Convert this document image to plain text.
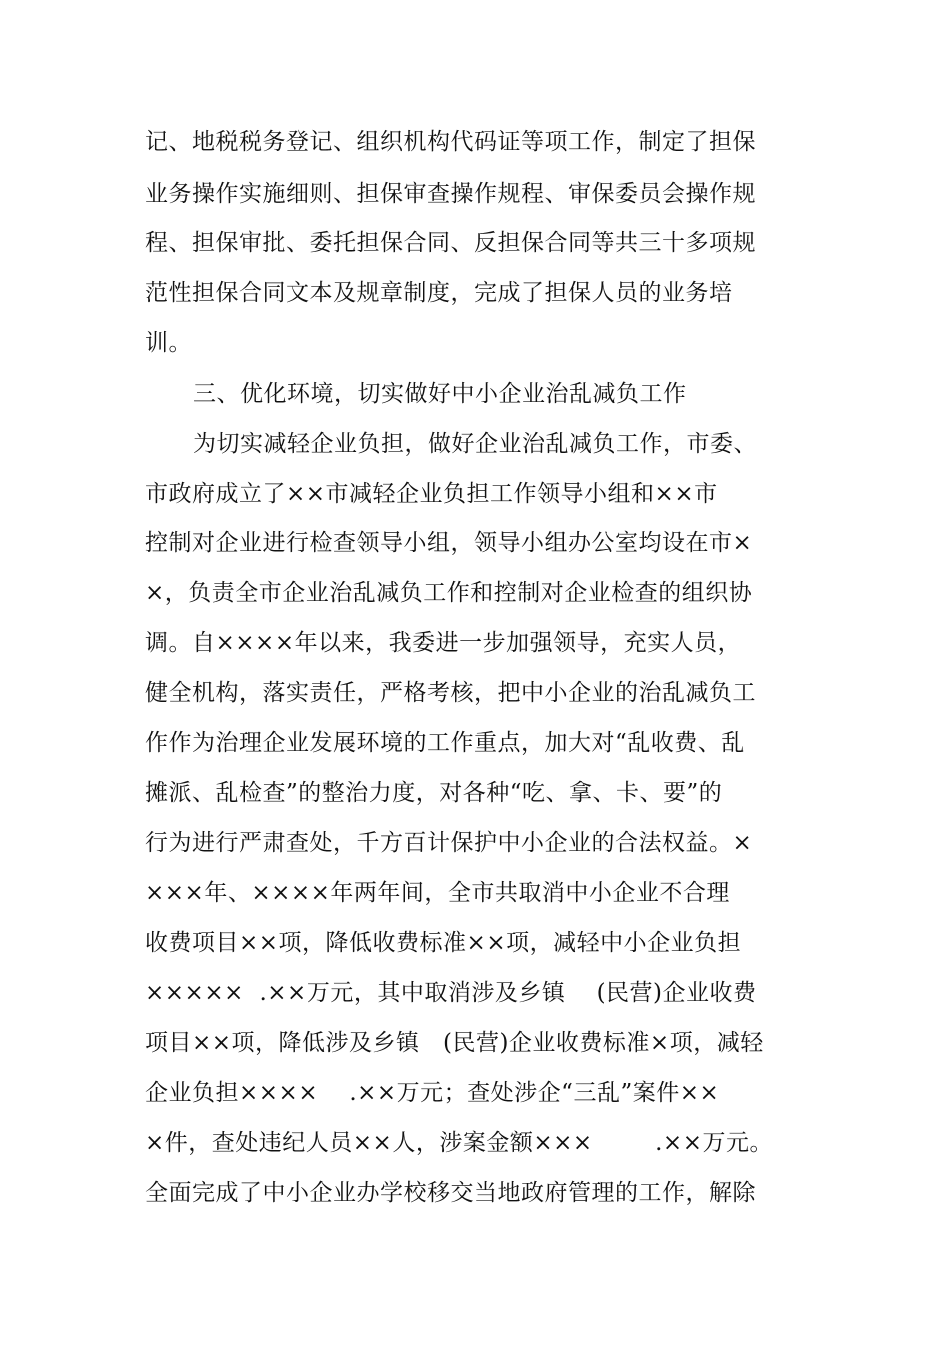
记、地税税务登记、组织机构代码证等项工作，制定了担保
业务操作实施细则、担保审查操作规程、审保委员会操作规
程、担保审批、委托担保合同、反担保合同等共三十多项规
范性担保合同文本及规章制度，完成了担保人员的业务培
训。
三、优化环境，切实做好中小企业治乱减负工作
为切实减轻企业负担，做好企业治乱减负工作，市委、
市政府成立了××市减轻企业负担工作领导小组和××市
控制对企业进行检查领导小组，领导小组办公室均设在市×
×，负责全市企业治乱减负工作和控制对企业检查的组织协
调。自××××年以来，我委进一步加强领导，充实人员，
健全机构，落实责任，严格考核，把中小企业的治乱减负工
作作为治理企业发展环境的工作重点，加大对“乱收费、乱
摊派、乱检查”的整治力度，对各种“吃、拿、卡、要”的
行为进行严肃查处，千方百计保护中小企业的合法权益。×
×××年、××××年两年间，全市共取消中小企业不合理
收费项目××项，降低收费标准××项，减轻中小企业负担
×××××  .××万元，其中取消涉及乡镇    (民营)企业收费
项目××项，降低涉及乡镇   (民营)企业收费标准×项，减轻
企业负担××××    .××万元；查处涉企“三乱”案件××
×件，查处违纪人员××人，涉案金额×××        .××万元。
全面完成了中小企业办学校移交当地政府管理的工作，解除
